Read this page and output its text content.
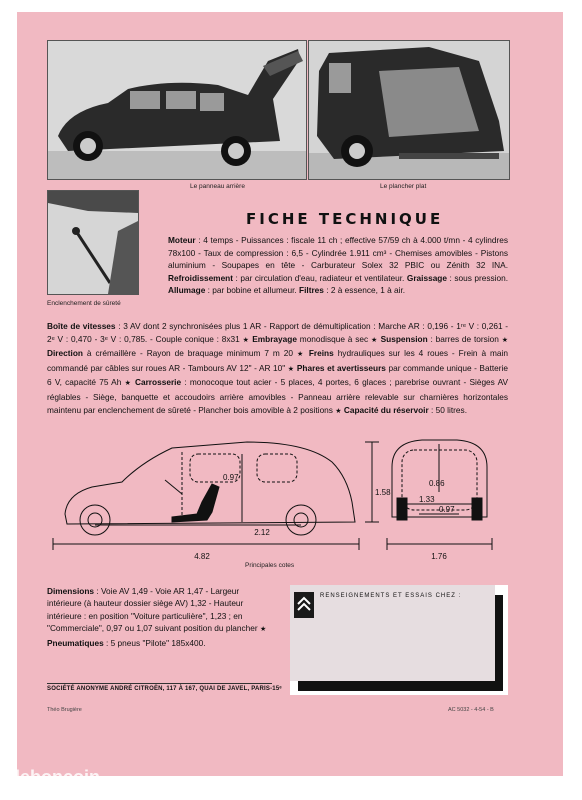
Le panneau arrière	Le plancher plat
Enclenchement de sûreté
FICHE TECHNIQUE
Moteur : 4 temps - Puissances : fiscale 11 ch ; effective 57/59 ch à 4.000 t/mn - 4 cylindres 78x100 - Taux de compression : 6,5 - Cylindrée 1.911 cm³ - Chemises amovibles - Pistons aluminium - Soupapes en tête - Carburateur Solex 32 PBIC ou Zénith 32 INA. Refroidissement : par circulation d'eau, radiateur et ventilateur. Graissage : sous pression. Allumage : par bobine et allumeur. Filtres : 2 à essence, 1 à air.
Boîte de vitesses : 3 AV dont 2 synchronisées plus 1 AR - Rapport de démultiplication : Marche AR : 0,196 - 1ʳᵉ V : 0,261 - 2ᵉ V : 0,470 - 3ᵉ V : 0,785. - Couple conique : 8x31 ★ Embrayage monodisque à sec ★ Suspension : barres de torsion ★ Direction à crémaillère - Rayon de braquage minimum 7 m 20 ★ Freins hydrauliques sur les 4 roues - Frein à main commandé par câbles sur roues AR - Tambours AV 12" - AR 10" ★ Phares et avertisseurs par commande unique - Batterie 6 V, capacité 75 Ah ★ Carrosserie : monocoque tout acier - 5 places, 4 portes, 6 glaces ; parebrise ouvrant - Sièges AV réglables - Siège, banquette et accoudoirs arrière amovibles - Panneau arrière relevable sur charnières horizontales maintenu par enclenchement de sûreté - Plancher bois amovible à 2 positions ★ Capacité du réservoir : 50 litres.
4.82
2.12
0.97
1.58
0.86
1.33
0.97
1.76
Principales cotes
Dimensions : Voie AV 1,49 - Voie AR 1,47 - Largeur intérieure (à hauteur dossier siège AV) 1,32 - Hauteur intérieure : en position "Voiture particulière", 1,23 ; en "Commerciale", 0,97 ou 1,07 suivant position du plancher ★ Pneumatiques : 5 pneus "Pilote" 185x400.
RENSEIGNEMENTS ET ESSAIS CHEZ :
SOCIÉTÉ ANONYME ANDRÉ CITROËN, 117 À 167, QUAI DE JAVEL, PARIS-15ᵉ
Théo Brugière	AC 5032 - 4-54 - B
leboncoin
